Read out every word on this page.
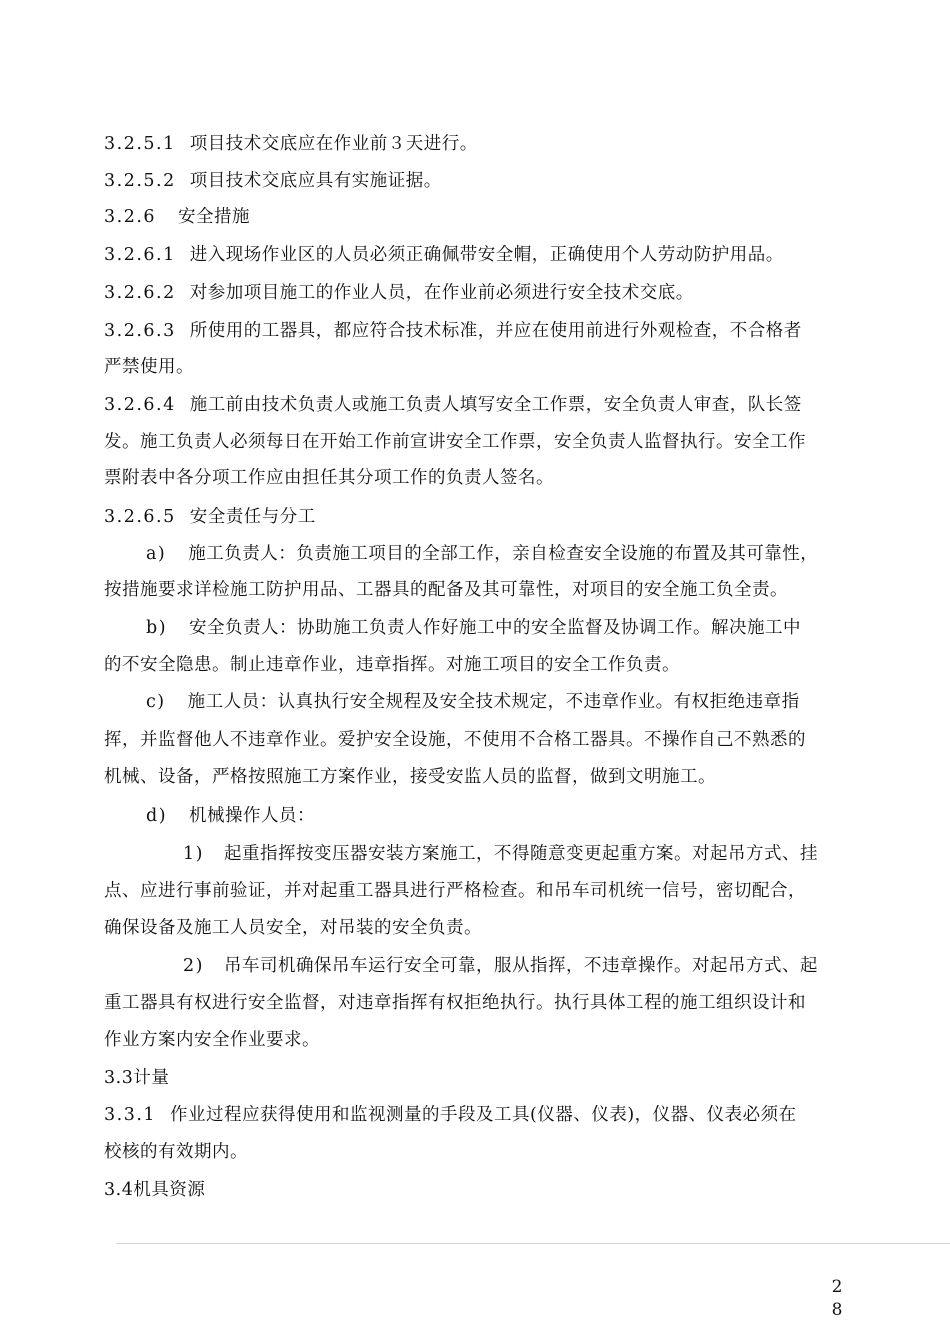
3.2.5.1 项目技术交底应在作业前３天进行。
3.2.5.2 项目技术交底应具有实施证据。
3.2.6 安全措施
3.2.6.1 进入现场作业区的人员必须正确佩带安全帽，正确使用个人劳动防护用品。
3.2.6.2 对参加项目施工的作业人员，在作业前必须进行安全技术交底。
3.2.6.3 所使用的工器具，都应符合技术标准，并应在使用前进行外观检查，不合格者
严禁使用。
3.2.6.4 施工前由技术负责人或施工负责人填写安全工作票，安全负责人审查，队长签
发。施工负责人必须每日在开始工作前宣讲安全工作票，安全负责人监督执行。安全工作
票附表中各分项工作应由担任其分项工作的负责人签名。
3.2.6.5 安全责任与分工
a) 施工负责人：负责施工项目的全部工作，亲自检查安全设施的布置及其可靠性，
按措施要求详检施工防护用品、工器具的配备及其可靠性，对项目的安全施工负全责。
b) 安全负责人：协助施工负责人作好施工中的安全监督及协调工作。解决施工中
的不安全隐患。制止违章作业，违章指挥。对施工项目的安全工作负责。
c) 施工人员：认真执行安全规程及安全技术规定，不违章作业。有权拒绝违章指
挥，并监督他人不违章作业。爱护安全设施，不使用不合格工器具。不操作自己不熟悉的
机械、设备，严格按照施工方案作业，接受安监人员的监督，做到文明施工。
d) 机械操作人员：
1) 起重指挥按变压器安装方案施工，不得随意变更起重方案。对起吊方式、挂
点、应进行事前验证，并对起重工器具进行严格检查。和吊车司机统一信号，密切配合，
确保设备及施工人员安全，对吊装的安全负责。
2) 吊车司机确保吊车运行安全可靠，服从指挥，不违章操作。对起吊方式、起
重工器具有权进行安全监督，对违章指挥有权拒绝执行。执行具体工程的施工组织设计和
作业方案内安全作业要求。
3.3计量
3.3.1 作业过程应获得使用和监视测量的手段及工具(仪器、仪表)，仪器、仪表必须在
校核的有效期内。
3.4机具资源
2
8
